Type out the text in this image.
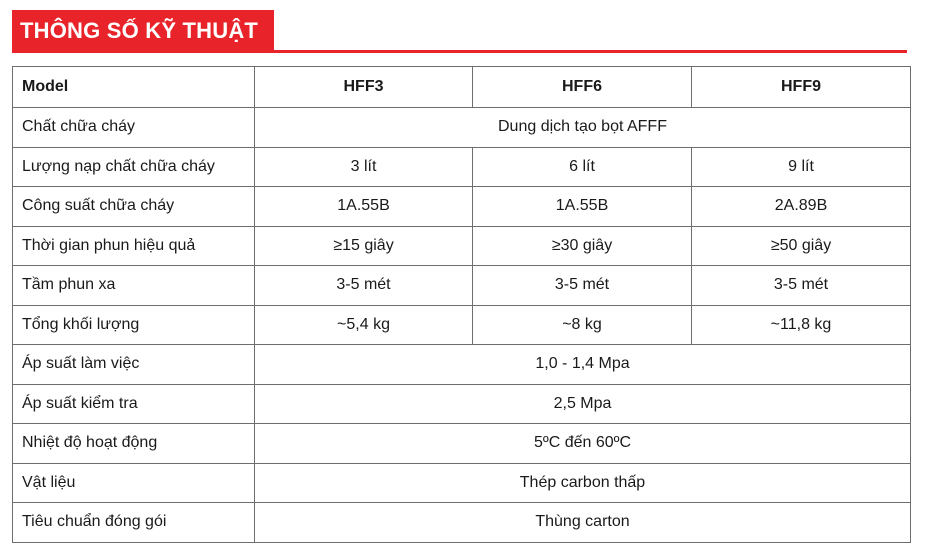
THÔNG SỐ KỸ THUẬT
Model	HFF3	HFF6	HFF9
Chất chữa cháy	Dung dịch tạo bọt AFFF		
Lượng nạp chất chữa cháy	3 lít	6 lít	9 lít
Công suất chữa cháy	1A.55B	1A.55B	2A.89B
Thời gian phun hiệu quả	≥15 giây	≥30 giây	≥50 giây
Tầm phun xa	3-5 mét	3-5 mét	3-5 mét
Tổng khối lượng	~5,4 kg	~8 kg	~11,8 kg
Áp suất làm việc	1,0 - 1,4 Mpa		
Áp suất kiểm tra	2,5 Mpa		
Nhiệt độ hoạt động	5ºC đến 60ºC		
Vật liệu	Thép carbon thấp		
Tiêu chuẩn đóng gói	Thùng carton		
